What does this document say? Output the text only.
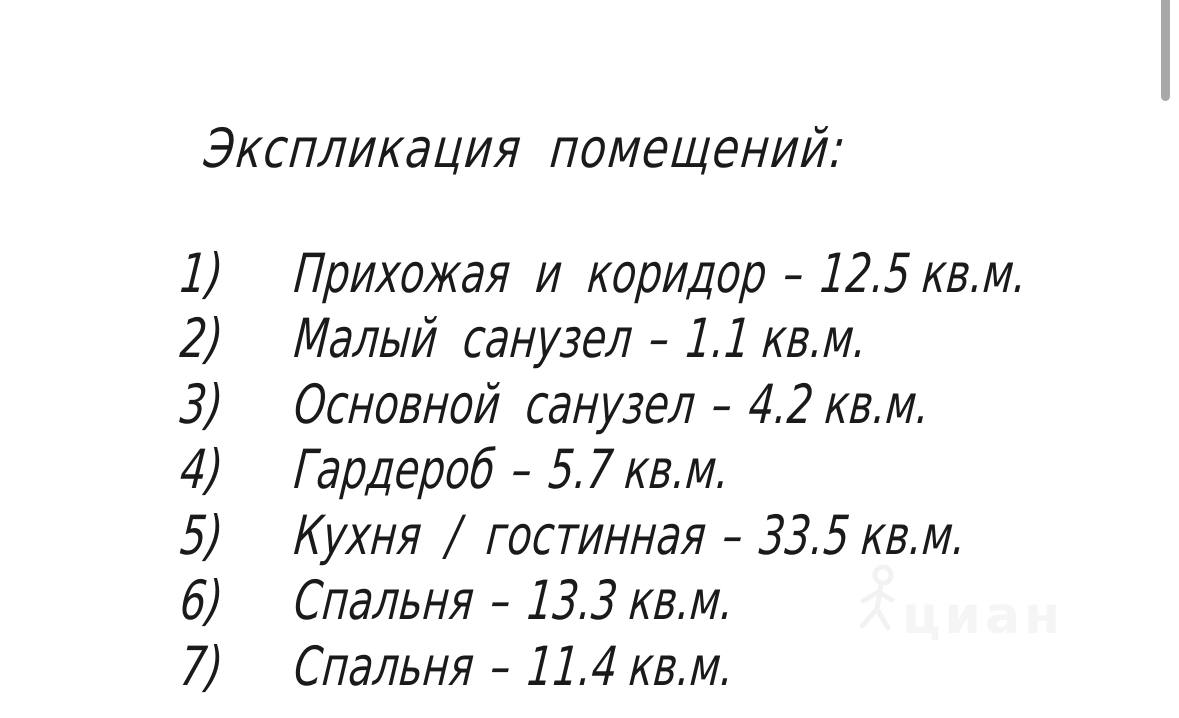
Экспликация помещений:
1) Прихожая и коридор – 12.5 кв.м.
2) Малый санузел – 1.1 кв.м.
3) Основной санузел – 4.2 кв.м.
4) Гардероб – 5.7 кв.м.
5) Кухня / гостинная – 33.5 кв.м.
6) Спальня – 13.3 кв.м.
7) Спальня – 11.4 кв.м.
циан
